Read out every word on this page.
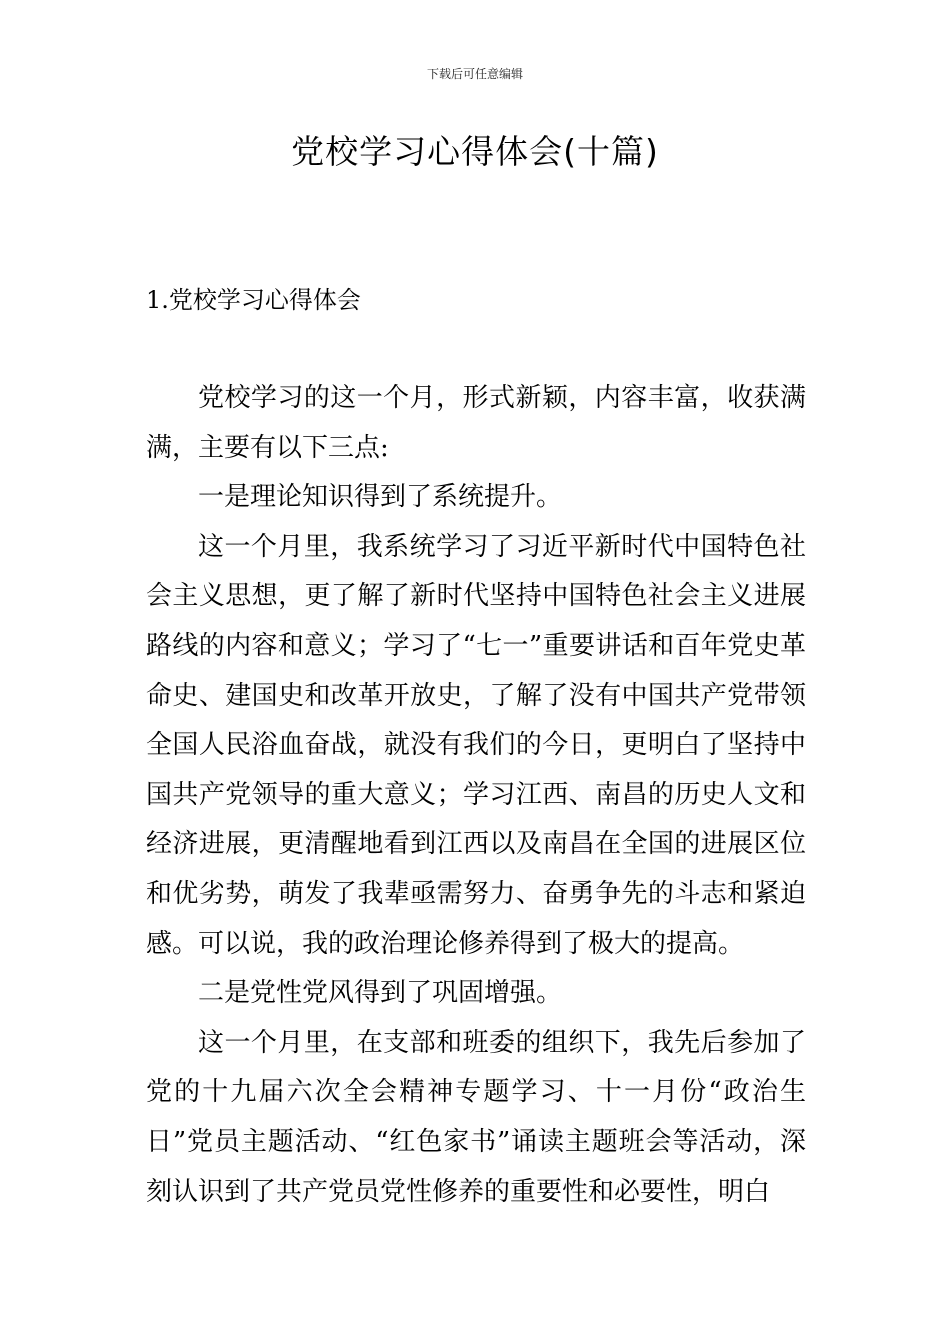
下载后可任意编辑
党校学习心得体会(十篇)
1.党校学习心得体会

党校学习的这一个月，形式新颖，内容丰富，收获满满，主要有以下三点:

一是理论知识得到了系统提升。

这一个月里，我系统学习了习近平新时代中国特色社会主义思想，更了解了新时代坚持中国特色社会主义进展路线的内容和意义；学习了“七一”重要讲话和百年党史革命史、建国史和改革开放史，了解了没有中国共产党带领全国人民浴血奋战，就没有我们的今日，更明白了坚持中国共产党领导的重大意义；学习江西、南昌的历史人文和经济进展，更清醒地看到江西以及南昌在全国的进展区位和优劣势，萌发了我辈亟需努力、奋勇争先的斗志和紧迫感。可以说，我的政治理论修养得到了极大的提高。

二是党性党风得到了巩固增强。

这一个月里，在支部和班委的组织下，我先后参加了党的十九届六次全会精神专题学习、十一月份“政治生日”党员主题活动、“红色家书”诵读主题班会等活动，深刻认识到了共产党员党性修养的重要性和必要性，明白
